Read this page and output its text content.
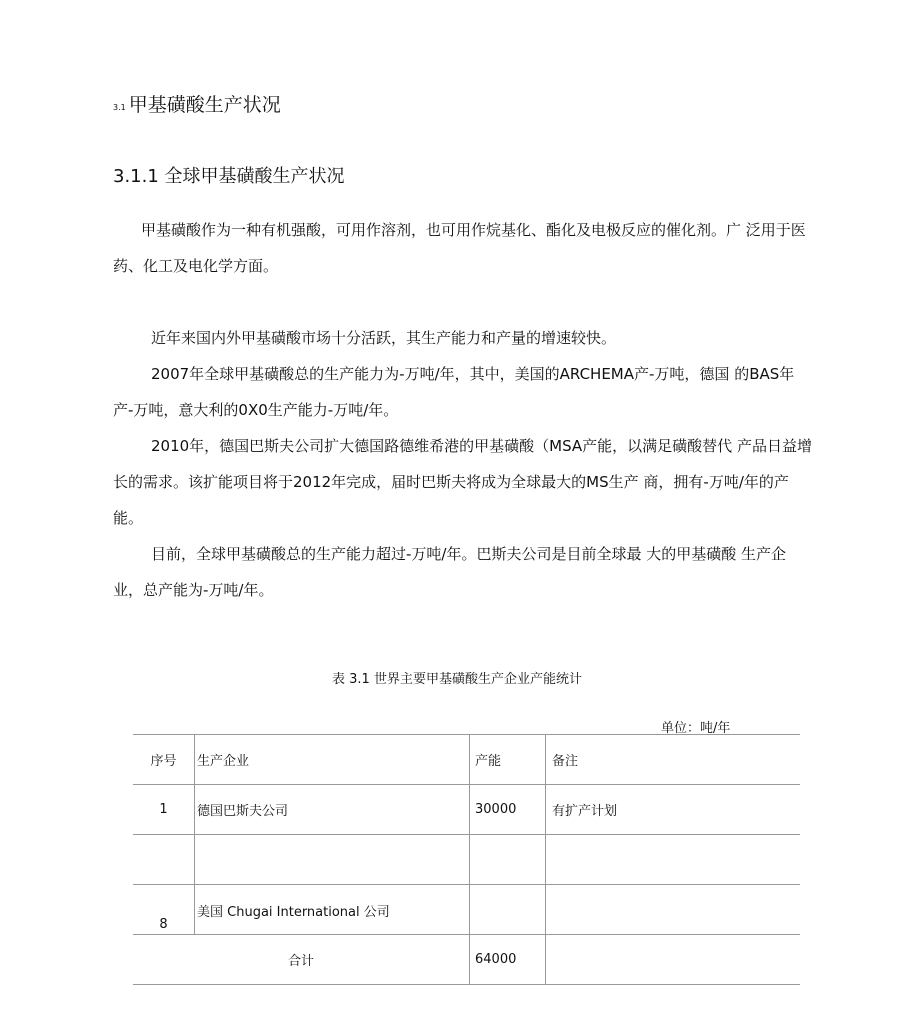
3.1 甲基磺酸生产状况
3.1.1 全球甲基磺酸生产状况
甲基磺酸作为一种有机强酸，可用作溶剂，也可用作烷基化、酯化及电极反应的催化剂。广 泛用于医药、化工及电化学方面。
近年来国内外甲基磺酸市场十分活跃，其生产能力和产量的增速较快。
2007年全球甲基磺酸总的生产能力为-万吨/年，其中，美国的ARCHEMA产-万吨，德国 的BAS年产-万吨，意大利的0X0生产能力-万吨/年。
2010年，德国巴斯夫公司扩大德国路德维希港的甲基磺酸（MSA产能，以满足磺酸替代 产品日益增长的需求。该扩能项目将于2012年完成，届时巴斯夫将成为全球最大的MS生产 商，拥有-万吨/年的产能。
目前，全球甲基磺酸总的生产能力超过-万吨/年。巴斯夫公司是目前全球最 大的甲基磺酸 生产企业，总产能为-万吨/年。
表 3.1 世界主要甲基磺酸生产企业产能统计
单位：吨/年
序号	生产企业	产能	备注
1	德国巴斯夫公司	30000	有扩产计划

8	美国 Chugai International 公司		
合计		64000	
